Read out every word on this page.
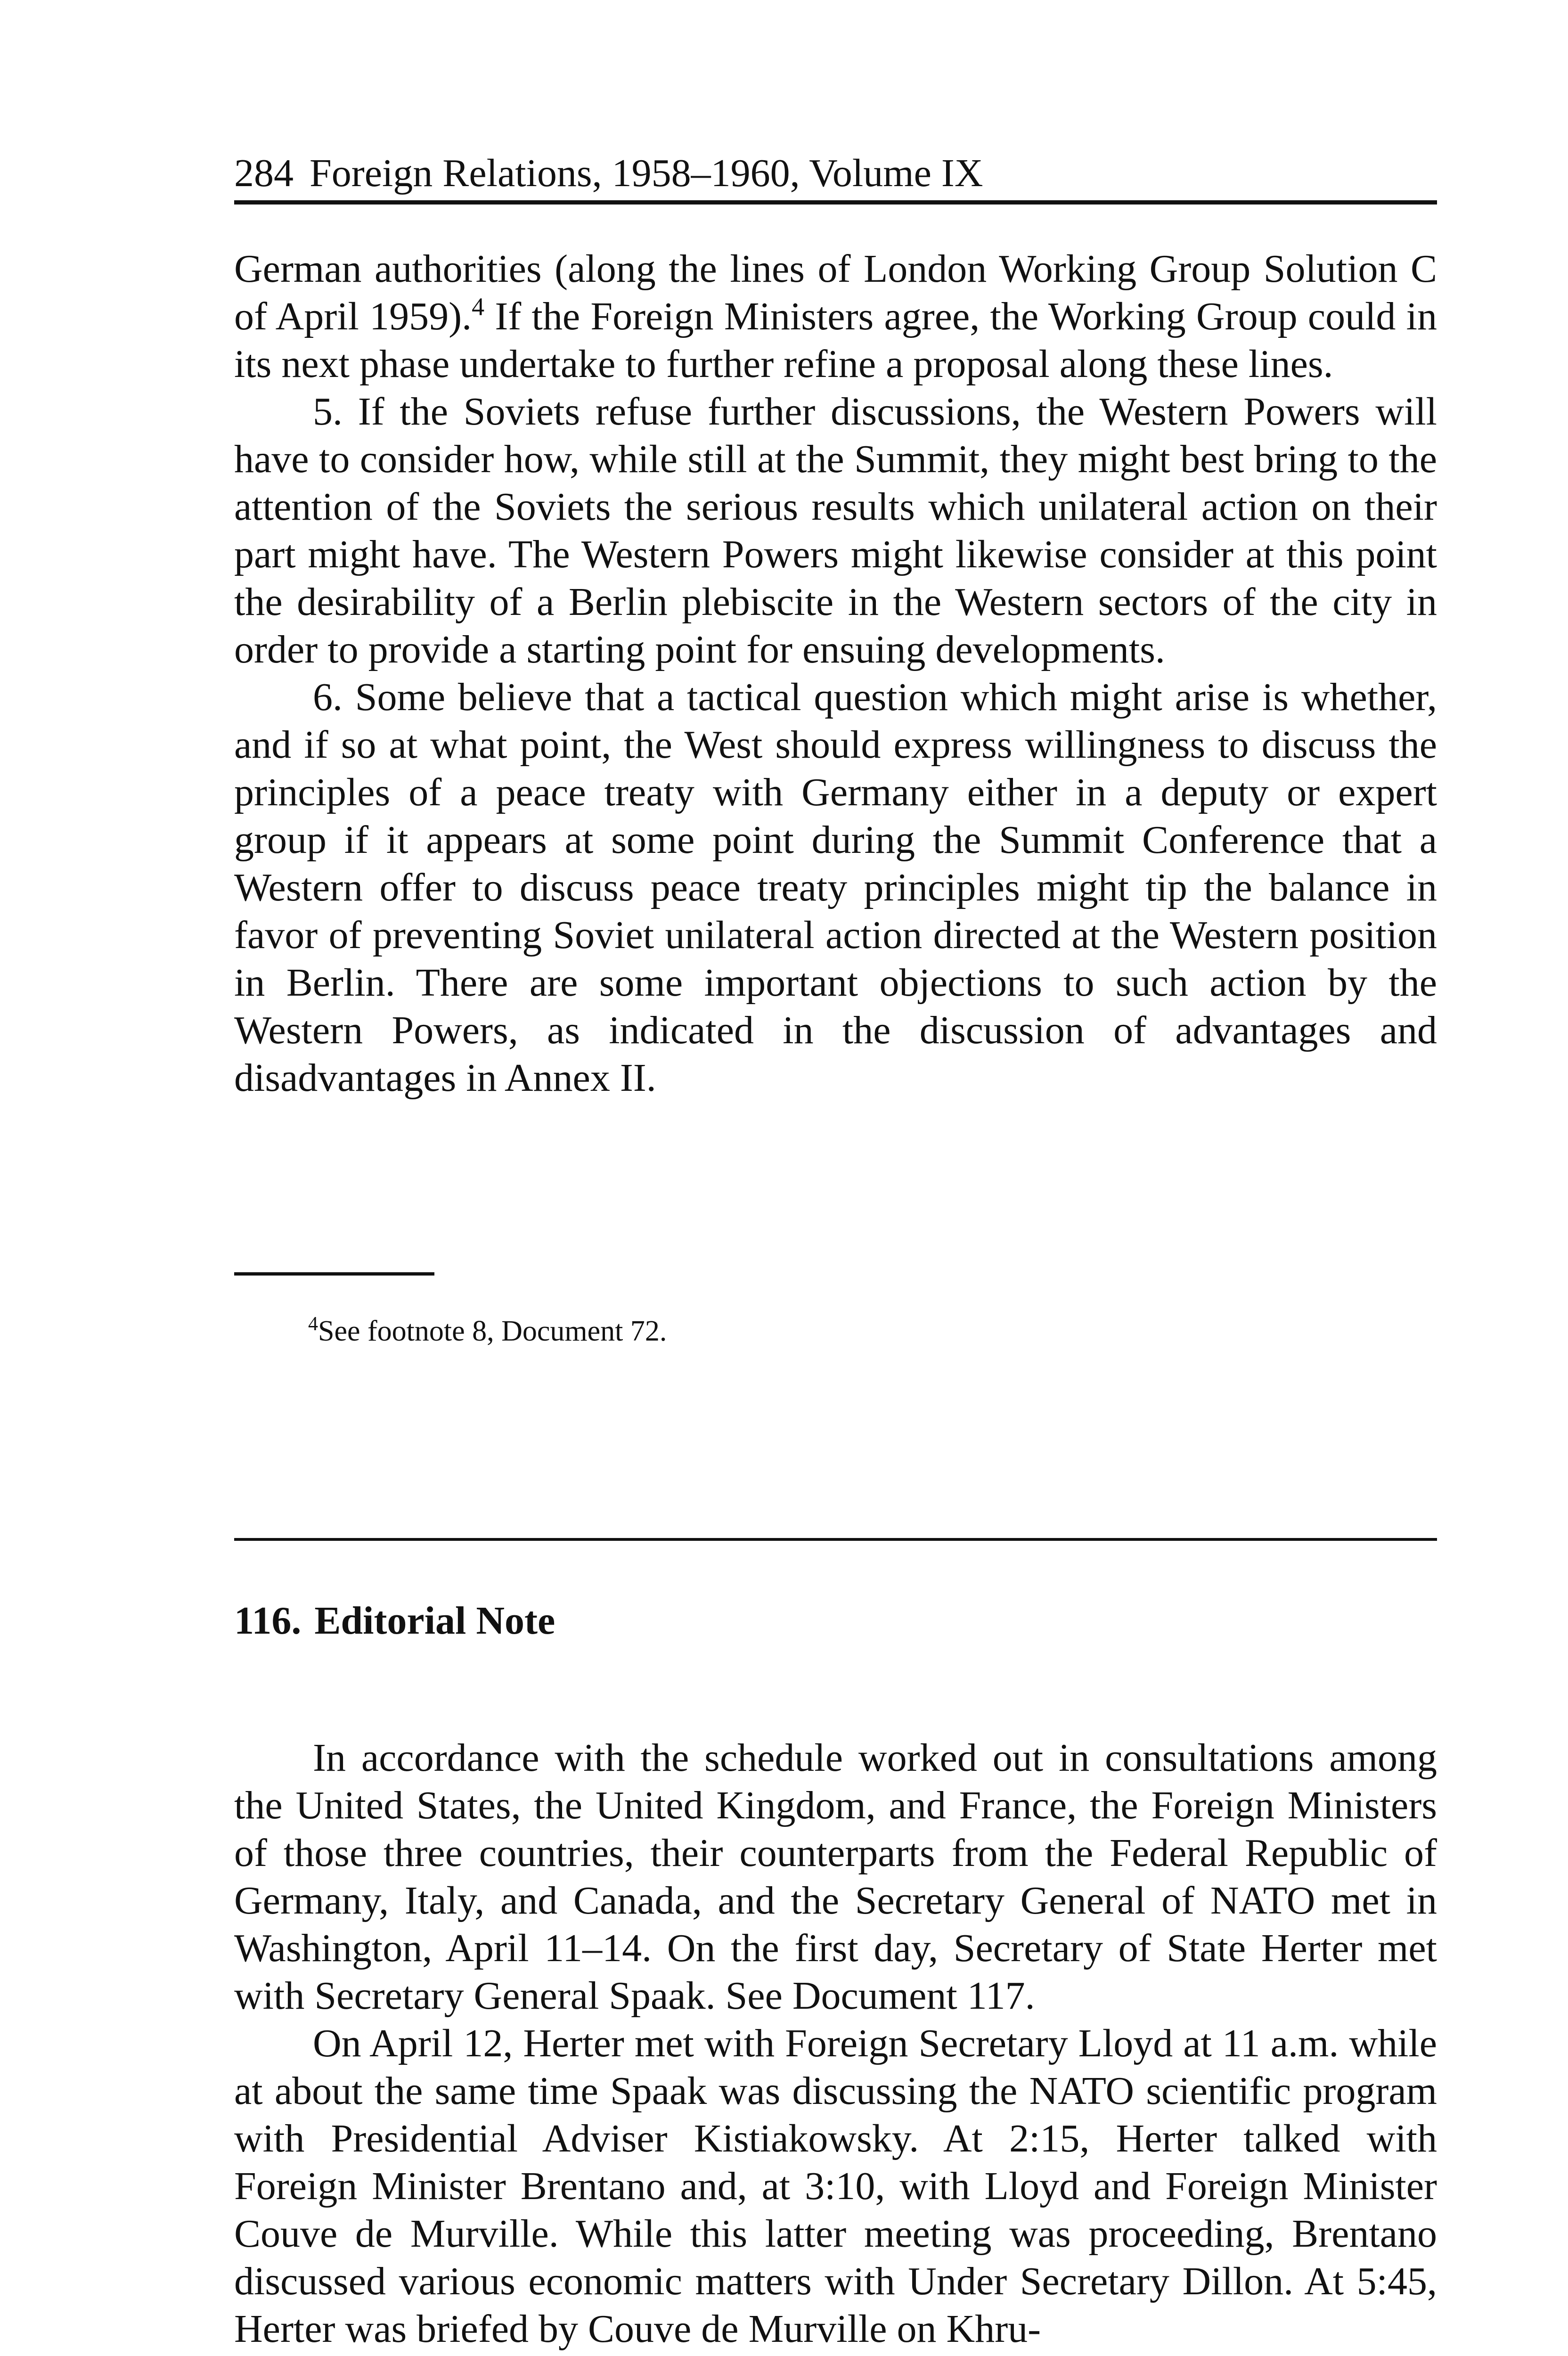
284 Foreign Relations, 1958–1960, Volume IX

German authorities (along the lines of London Working Group Solution C of April 1959).$^4$ If the Foreign Ministers agree, the Working Group could in its next phase undertake to further refine a proposal along these lines.

5. If the Soviets refuse further discussions, the Western Powers will have to consider how, while still at the Summit, they might best bring to the attention of the Soviets the serious results which unilateral action on their part might have. The Western Powers might likewise consider at this point the desirability of a Berlin plebiscite in the Western sectors of the city in order to provide a starting point for ensuing developments.

6. Some believe that a tactical question which might arise is whether, and if so at what point, the West should express willingness to discuss the principles of a peace treaty with Germany either in a deputy or expert group if it appears at some point during the Summit Conference that a Western offer to discuss peace treaty principles might tip the balance in favor of preventing Soviet unilateral action directed at the Western position in Berlin. There are some important objections to such action by the Western Powers, as indicated in the discussion of advantages and disadvantages in Annex II.

$^4$See footnote 8, Document 72.
116. Editorial Note

In accordance with the schedule worked out in consultations among the United States, the United Kingdom, and France, the Foreign Ministers of those three countries, their counterparts from the Federal Republic of Germany, Italy, and Canada, and the Secretary General of NATO met in Washington, April 11–14. On the first day, Secretary of State Herter met with Secretary General Spaak. See Document 117.

On April 12, Herter met with Foreign Secretary Lloyd at 11 a.m. while at about the same time Spaak was discussing the NATO scientific program with Presidential Adviser Kistiakowsky. At 2:15, Herter talked with Foreign Minister Brentano and, at 3:10, with Lloyd and Foreign Minister Couve de Murville. While this latter meeting was proceeding, Brentano discussed various economic matters with Under Secretary Dillon. At 5:45, Herter was briefed by Couve de Murville on Khru-
